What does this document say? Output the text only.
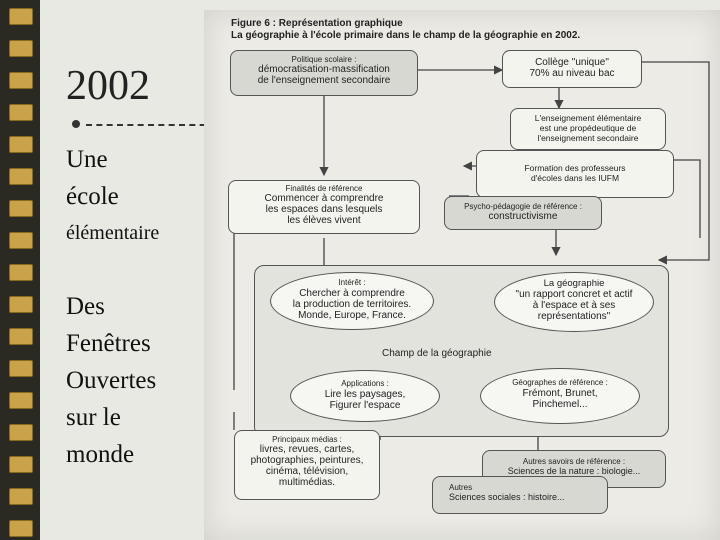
2002
Une
école
élémentaire
Des
Fenêtres
Ouvertes
sur le
monde
Figure 6 : Représentation graphique
La géographie à l'école primaire dans le champ de la géographie en 2002.
Politique scolaire :
démocratisation-massification
de l'enseignement secondaire
Collège "unique"
70% au niveau bac
L'enseignement élémentaire
est une propédeutique de
l'enseignement secondaire
Formation des professeurs
d'écoles dans les IUFM
Finalités de référence
Commencer à comprendre
les espaces dans lesquels
les élèves vivent
Psycho-pédagogie de référence :
constructivisme
Intérêt :
Chercher à comprendre
la production de territoires.
Monde, Europe, France.
La géographie
"un rapport concret et actif
à l'espace et à ses
représentations"
Champ de la géographie
Applications :
Lire les paysages,
Figurer l'espace
Géographes de référence :
Frémont, Brunet,
Pinchemel...
Principaux médias :
livres, revues, cartes,
photographies, peintures,
cinéma, télévision,
multimédias.
Autres savoirs de référence :
Sciences de la nature : biologie...
Autres
Sciences sociales : histoire...
